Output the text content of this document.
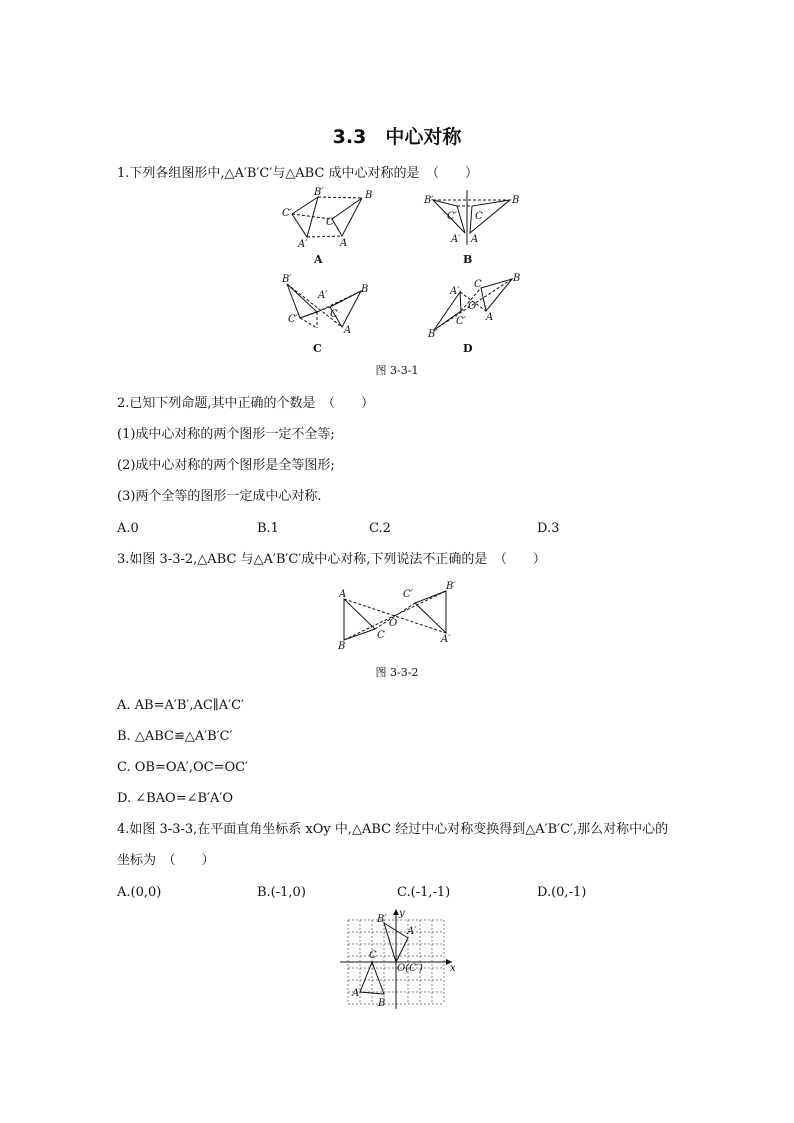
3.3　中心对称
1.下列各组图形中,△A′B′C′与△ABC 成中心对称的是　（　　）
C′
B′
A′
C
B
A
A
B′
C′
A′
C
B
A
B
B′
A′
C′
B
C
A
C
A′
O
C′
B′
C
B
A
D
图 3-3-1
2.已知下列命题,其中正确的个数是　（　　）
(1)成中心对称的两个图形一定不全等;
(2)成中心对称的两个图形是全等图形;
(3)两个全等的图形一定成中心对称.
A.0	B.1	C.2	D.3
3.如图 3-3-2,△ABC 与△A′B′C′成中心对称,下列说法不正确的是　（　　）
A
B
C
O
C′
B′
A′
图 3-3-2
A. AB=A′B′,AC∥A′C′
B. △ABC≌△A′B′C′
C. OB=OA′,OC=OC′
D. ∠BAO=∠B′A′O
4.如图 3-3-3,在平面直角坐标系 xOy 中,△ABC 经过中心对称变换得到△A′B′C′,那么对称中心的
坐标为　（　　）
A.(0,0)	B.(-1,0)	C.(-1,-1)	D.(0,-1)
x
y
B′
A′
O(C′)
C
A
B
